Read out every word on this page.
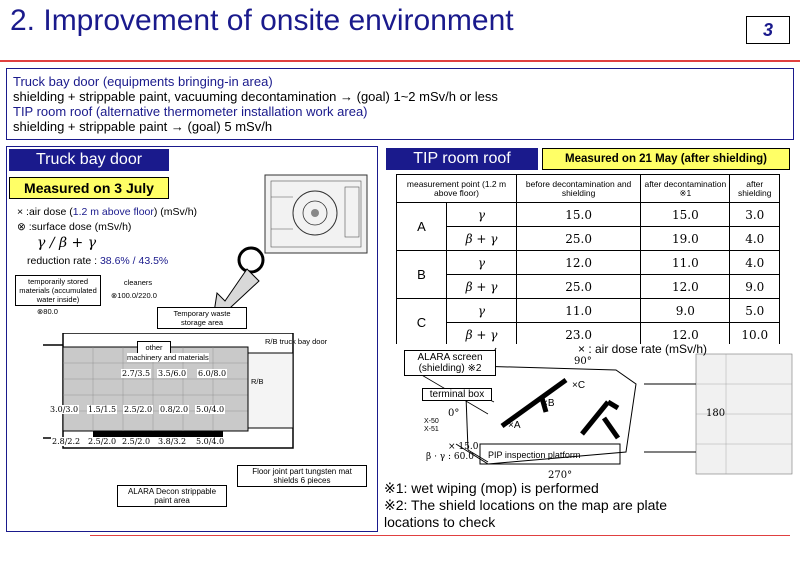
2. Improvement of onsite environment	3
Truck bay door (equipments bringing-in area)
shielding + strippable paint, vacuuming decontamination → (goal) 1~2 mSv/h or less
TIP room roof (alternative thermometer installation work area)
shielding + strippable paint → (goal) 5 mSv/h
Truck bay door
Measured on 3 July
× :air dose (1.2 m above floor) (mSv/h)
⊗ :surface dose (mSv/h)
γ ∕ β + γ
reduction rate : 38.6% / 43.5%
R/B
temporarily stored materials (accumulated water inside)
⊗80.0
cleaners
⊗100.0/220.0
Temporary waste storage area
R/B truck bay door
other
machinery and materials
2.7/3.5 3.5/6.0 6.0/8.0
3.0/3.0 1.5/1.5 2.5/2.0 0.8/2.0 5.0/4.0
2.8/2.2 2.5/2.0 2.5/2.0 3.8/3.2 5.0/4.0
Floor joint part tungsten mat shields 6 pieces
ALARA Decon strippable paint area
TIP room roof	Measured on 21 May (after shielding)
measurement point (1.2 m above floor)		before decontamination and shielding	after decontamination ※1	after shielding
A	γ	15.0	15.0	3.0
	β + γ	25.0	19.0	4.0
B	γ	12.0	11.0	4.0
	β + γ	25.0	12.0	9.0
C	γ	11.0	9.0	5.0
	β + γ	23.0	12.0	10.0
× : air dose rate (mSv/h)
ALARA screen (shielding) ※2
terminal box
90°
0°
270°
180
×A
×B
×C
X-50
X-51
× 15.0
β · γ : 60.0 PIP inspection platform
※1: wet wiping (mop) is performed
※2: The shield locations on the map are plate
locations to check
